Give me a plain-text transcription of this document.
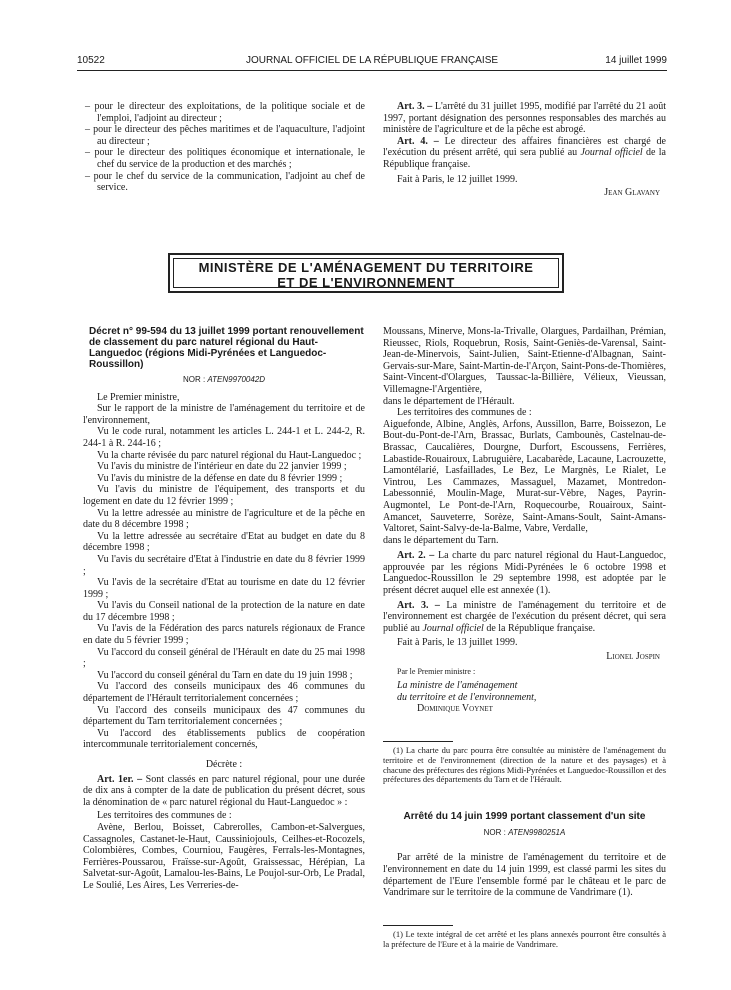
10522	JOURNAL OFFICIEL DE LA RÉPUBLIQUE FRANÇAISE	14 juillet 1999

– pour le directeur des exploitations, de la politique sociale et de l'emploi, l'adjoint au directeur ;

– pour le directeur des pêches maritimes et de l'aquaculture, l'adjoint au directeur ;

– pour le directeur des politiques économique et internationale, le chef du service de la production et des marchés ;

– pour le chef du service de la communication, l'adjoint au chef de service.

Art. 3. – L'arrêté du 31 juillet 1995, modifié par l'arrêté du 21 août 1997, portant désignation des personnes responsables des marchés au ministère de l'agriculture et de la pêche est abrogé.

Art. 4. – Le directeur des affaires financières est chargé de l'exécution du présent arrêté, qui sera publié au Journal officiel de la République française.

Fait à Paris, le 12 juillet 1999.

Jean Glavany

MINISTÈRE DE L'AMÉNAGEMENT DU TERRITOIRE
ET DE L'ENVIRONNEMENT

Décret n° 99-594 du 13 juillet 1999 portant renouvellement de classement du parc naturel régional du Haut-Languedoc (régions Midi-Pyrénées et Languedoc-Roussillon)

NOR : ATEN9970042D

Le Premier ministre,

Sur le rapport de la ministre de l'aménagement du territoire et de l'environnement,

Vu le code rural, notamment les articles L. 244-1 et L. 244-2, R. 244-1 à R. 244-16 ;

Vu la charte révisée du parc naturel régional du Haut-Languedoc ;

Vu l'avis du ministre de l'intérieur en date du 22 janvier 1999 ;

Vu l'avis du ministre de la défense en date du 8 février 1999 ;

Vu l'avis du ministre de l'équipement, des transports et du logement en date du 12 février 1999 ;

Vu la lettre adressée au ministre de l'agriculture et de la pêche en date du 8 décembre 1998 ;

Vu la lettre adressée au secrétaire d'Etat au budget en date du 8 décembre 1998 ;

Vu l'avis du secrétaire d'Etat à l'industrie en date du 8 février 1999 ;

Vu l'avis de la secrétaire d'Etat au tourisme en date du 12 février 1999 ;

Vu l'avis du Conseil national de la protection de la nature en date du 17 décembre 1998 ;

Vu l'avis de la Fédération des parcs naturels régionaux de France en date du 5 février 1999 ;

Vu l'accord du conseil général de l'Hérault en date du 25 mai 1998 ;

Vu l'accord du conseil général du Tarn en date du 19 juin 1998 ;

Vu l'accord des conseils municipaux des 46 communes du département de l'Hérault territorialement concernées ;

Vu l'accord des conseils municipaux des 47 communes du département du Tarn territorialement concernées ;

Vu l'accord des établissements publics de coopération intercommunale territorialement concernés,

Décrète :

Art. 1er. – Sont classés en parc naturel régional, pour une durée de dix ans à compter de la date de publication du présent décret, sous la dénomination de « parc naturel régional du Haut-Languedoc » :

Les territoires des communes de :

Avène, Berlou, Boisset, Cabrerolles, Cambon-et-Salvergues, Cassagnoles, Castanet-le-Haut, Caussiniojouls, Ceilhes-et-Rocozels, Colombières, Combes, Courniou, Faugères, Ferrals-les-Montagnes, Ferrières-Poussarou, Fraïsse-sur-Agoût, Graissessac, Hérépian, La Salvetat-sur-Agoût, Lamalou-les-Bains, Le Poujol-sur-Orb, Le Pradal, Le Soulié, Les Aires, Les Verreries-de-

Moussans, Minerve, Mons-la-Trivalle, Olargues, Pardailhan, Prémian, Rieussec, Riols, Roquebrun, Rosis, Saint-Geniès-de-Varensal, Saint-Jean-de-Minervois, Saint-Julien, Saint-Etienne-d'Albagnan, Saint-Gervais-sur-Mare, Saint-Martin-de-l'Arçon, Saint-Pons-de-Thomières, Saint-Vincent-d'Olargues, Taussac-la-Billière, Vélieux, Vieussan, Villemagne-l'Argentière,

dans le département de l'Hérault.

Les territoires des communes de :

Aiguefonde, Albine, Anglès, Arfons, Aussillon, Barre, Boissezon, Le Bout-du-Pont-de-l'Arn, Brassac, Burlats, Cambounès, Castelnau-de-Brassac, Caucalières, Dourgne, Durfort, Escoussens, Ferrières, Labastide-Rouairoux, Labruguière, Lacabarède, Lacaune, Lacrouzette, Lamontélarié, Lasfaillades, Le Bez, Le Margnès, Le Rialet, Le Vintrou, Les Cammazes, Massaguel, Mazamet, Montredon-Labessonnié, Moulin-Mage, Murat-sur-Vèbre, Nages, Payrin-Augmontel, Le Pont-de-l'Arn, Roquecourbe, Rouairoux, Saint-Amancet, Sauveterre, Sorèze, Saint-Amans-Soult, Saint-Amans-Valtoret, Saint-Salvy-de-la-Balme, Vabre, Verdalle,

dans le département du Tarn.

Art. 2. – La charte du parc naturel régional du Haut-Languedoc, approuvée par les régions Midi-Pyrénées le 6 octobre 1998 et Languedoc-Roussillon le 29 septembre 1998, est adoptée par le présent décret auquel elle est annexée (1).

Art. 3. – La ministre de l'aménagement du territoire et de l'environnement est chargée de l'exécution du présent décret, qui sera publié au Journal officiel de la République française.

Fait à Paris, le 13 juillet 1999.

Lionel Jospin

Par le Premier ministre :

La ministre de l'aménagement

du territoire et de l'environnement,

Dominique Voynet

(1) La charte du parc pourra être consultée au ministère de l'aménagement du territoire et de l'environnement (direction de la nature et des paysages) et à chacune des préfectures des régions Midi-Pyrénées et Languedoc-Roussillon et des préfectures des départements du Tarn et de l'Hérault.

Arrêté du 14 juin 1999 portant classement d'un site

NOR : ATEN9980251A

Par arrêté de la ministre de l'aménagement du territoire et de l'environnement en date du 14 juin 1999, est classé parmi les sites du département de l'Eure l'ensemble formé par le château et le parc de Vandrimare sur le territoire de la commune de Vandrimare (1).

(1) Le texte intégral de cet arrêté et les plans annexés pourront être consultés à la préfecture de l'Eure et à la mairie de Vandrimare.
